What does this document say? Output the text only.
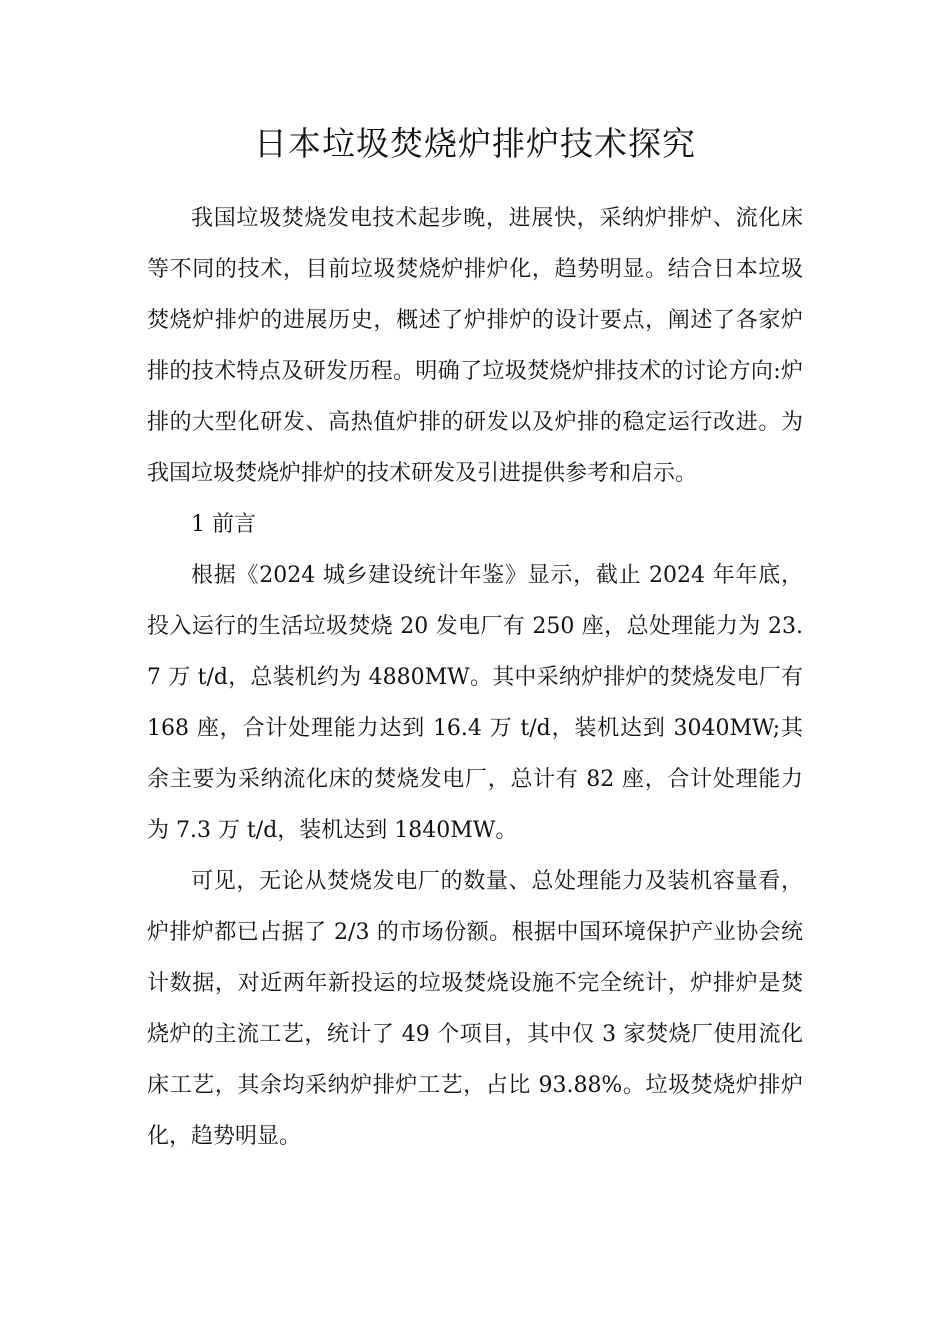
日本垃圾焚烧炉排炉技术探究

我国垃圾焚烧发电技术起步晚，进展快，采纳炉排炉、流化床等不同的技术，目前垃圾焚烧炉排炉化，趋势明显。结合日本垃圾焚烧炉排炉的进展历史，概述了炉排炉的设计要点，阐述了各家炉排的技术特点及研发历程。明确了垃圾焚烧炉排技术的讨论方向:炉排的大型化研发、高热值炉排的研发以及炉排的稳定运行改进。为我国垃圾焚烧炉排炉的技术研发及引进提供参考和启示。

1 前言

根据《2024 城乡建设统计年鉴》显示，截止 2024 年年底，投入运行的生活垃圾焚烧 20 发电厂有 250 座，总处理能力为 23.7 万 t/d，总装机约为 4880MW。其中采纳炉排炉的焚烧发电厂有 168 座，合计处理能力达到 16.4 万 t/d，装机达到 3040MW;其余主要为采纳流化床的焚烧发电厂，总计有 82 座，合计处理能力为 7.3 万 t/d，装机达到 1840MW。

可见，无论从焚烧发电厂的数量、总处理能力及装机容量看，炉排炉都已占据了 2/3 的市场份额。根据中国环境保护产业协会统计数据，对近两年新投运的垃圾焚烧设施不完全统计，炉排炉是焚烧炉的主流工艺，统计了 49 个项目，其中仅 3 家焚烧厂使用流化床工艺，其余均采纳炉排炉工艺，占比 93.88%。垃圾焚烧炉排炉化，趋势明显。
